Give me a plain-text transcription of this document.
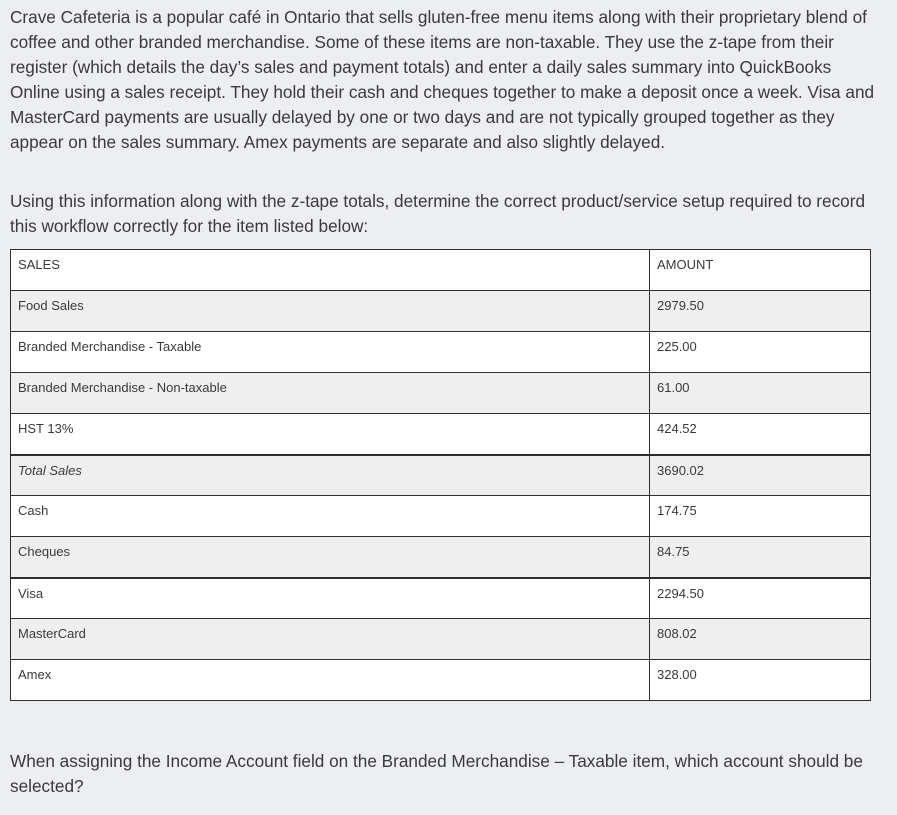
Crave Cafeteria is a popular café in Ontario that sells gluten-free menu items along with their proprietary blend of coffee and other branded merchandise. Some of these items are non-taxable. They use the z-tape from their register (which details the day’s sales and payment totals) and enter a daily sales summary into QuickBooks Online using a sales receipt. They hold their cash and cheques together to make a deposit once a week. Visa and MasterCard payments are usually delayed by one or two days and are not typically grouped together as they appear on the sales summary. Amex payments are separate and also slightly delayed.

Using this information along with the z-tape totals, determine the correct product/service setup required to record this workflow correctly for the item listed below:

SALES	AMOUNT
Food Sales	2979.50
Branded Merchandise - Taxable	225.00
Branded Merchandise - Non-taxable	61.00
HST 13%	424.52
Total Sales	3690.02
Cash	174.75
Cheques	84.75
Visa	2294.50
MasterCard	808.02
Amex	328.00

When assigning the Income Account field on the Branded Merchandise – Taxable item, which account should be selected?
